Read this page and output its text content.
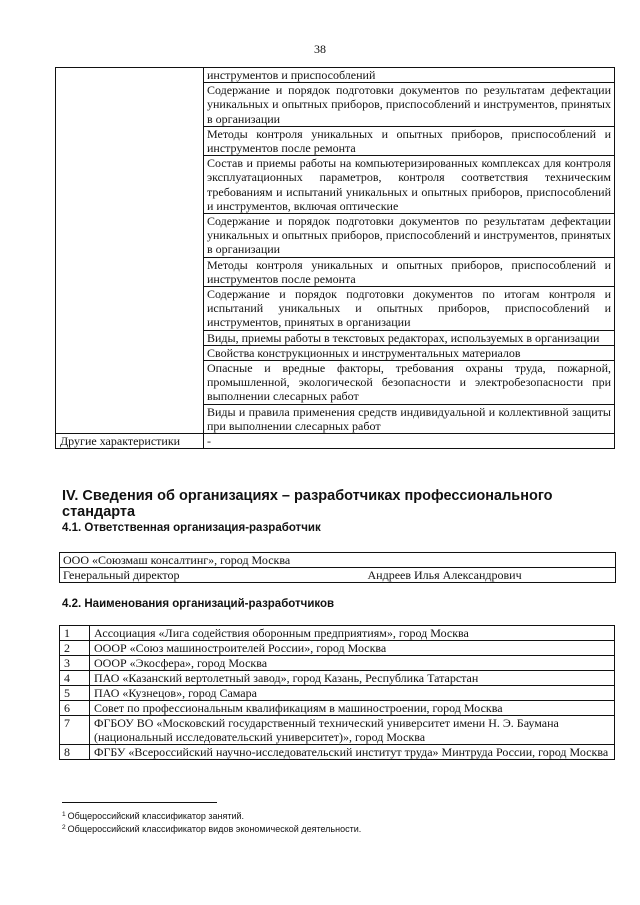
38
	инструментов и приспособлений
	Содержание и порядок подготовки документов по результатам дефектации уникальных и опытных приборов, приспособлений и инструментов, принятых в организации
	Методы контроля уникальных и опытных приборов, приспособлений и инструментов после ремонта
	Состав и приемы работы на компьютеризированных комплексах для контроля эксплуатационных параметров, контроля соответствия техническим требованиям и испытаний уникальных и опытных приборов, приспособлений и инструментов, включая оптические
	Содержание и порядок подготовки документов по результатам дефектации уникальных и опытных приборов, приспособлений и инструментов, принятых в организации
	Методы контроля уникальных и опытных приборов, приспособлений и инструментов после ремонта
	Содержание и порядок подготовки документов по итогам контроля и испытаний уникальных и опытных приборов, приспособлений и инструментов, принятых в организации
	Виды, приемы работы в текстовых редакторах, используемых в организации
	Свойства конструкционных и инструментальных материалов
	Опасные и вредные факторы, требования охраны труда, пожарной, промышленной, экологической безопасности и электробезопасности при выполнении слесарных работ
	Виды и правила применения средств индивидуальной и коллективной защиты при выполнении слесарных работ
Другие характеристики	-
IV. Сведения об организациях – разработчиках профессионального стандарта
4.1. Ответственная организация-разработчик
ООО «Союзмаш консалтинг», город Москва
Генеральный директор	Андреев Илья Александрович
4.2. Наименования организаций-разработчиков
1	Ассоциация «Лига содействия оборонным предприятиям», город Москва
2	ОООР «Союз машиностроителей России», город Москва
3	ОООР «Экосфера», город Москва
4	ПАО «Казанский вертолетный завод», город Казань, Республика Татарстан
5	ПАО «Кузнецов», город Самара
6	Совет по профессиональным квалификациям в машиностроении, город Москва
7	ФГБОУ ВО «Московский государственный технический университет имени Н. Э. Баумана (национальный исследовательский университет)», город Москва
8	ФГБУ «Всероссийский научно-исследовательский институт труда» Минтруда России, город Москва
$^1$ Общероссийский классификатор занятий.
$^2$ Общероссийский классификатор видов экономической деятельности.
